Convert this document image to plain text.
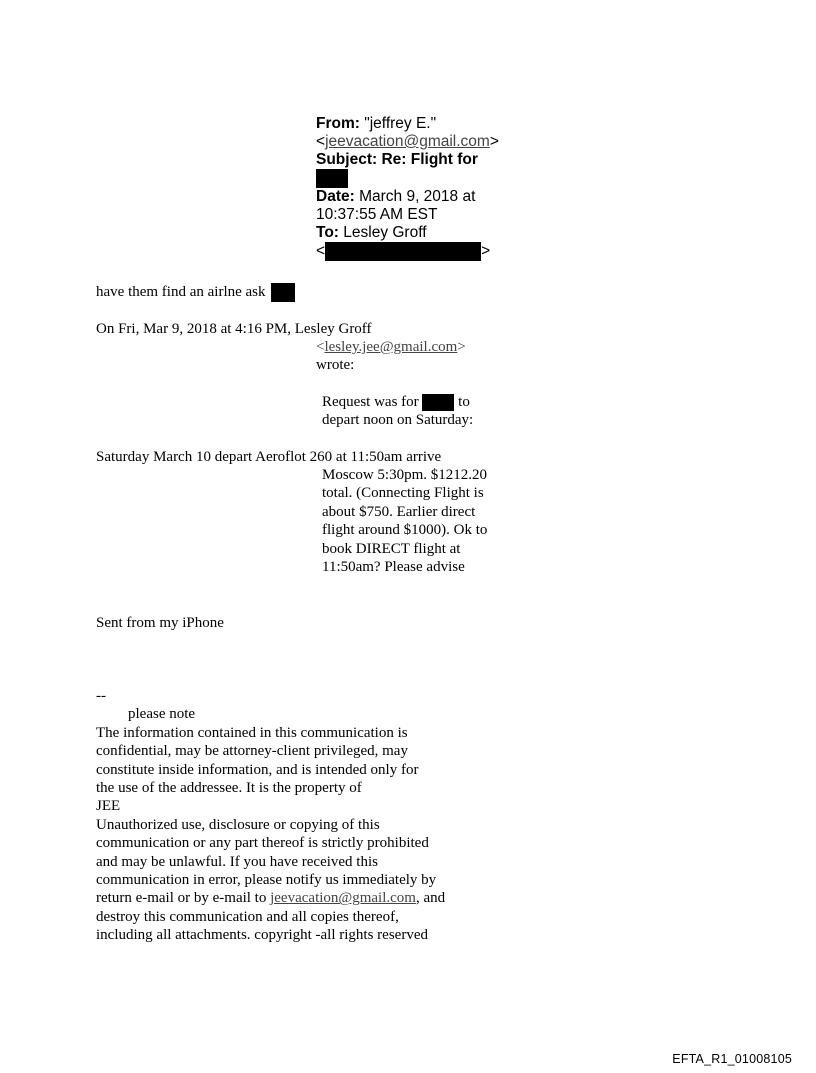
From: "jeffrey E."
<jeevacation@gmail.com>
Subject: Re: Flight for
Date: March 9, 2018 at
10:37:55 AM EST
To: Lesley Groff
<	>
have them find an airlne ask
On Fri, Mar 9, 2018 at 4:16 PM, Lesley Groff
<lesley.jee@gmail.com>
wrote:
Request was for	to
depart noon on Saturday:
Saturday March 10 depart Aeroflot 260 at 11:50am arrive
Moscow 5:30pm. $1212.20
total. (Connecting Flight is
about $750. Earlier direct
flight around $1000). Ok to
book DIRECT flight at
11:50am? Please advise
Sent from my iPhone
--
please note
The information contained in this communication is
confidential, may be attorney-client privileged, may
constitute inside information, and is intended only for
the use of the addressee. It is the property of
JEE
Unauthorized use, disclosure or copying of this
communication or any part thereof is strictly prohibited
and may be unlawful. If you have received this
communication in error, please notify us immediately by
return e-mail or by e-mail to jeevacation@gmail.com, and
destroy this communication and all copies thereof,
including all attachments. copyright -all rights reserved
EFTA_R1_01008105
